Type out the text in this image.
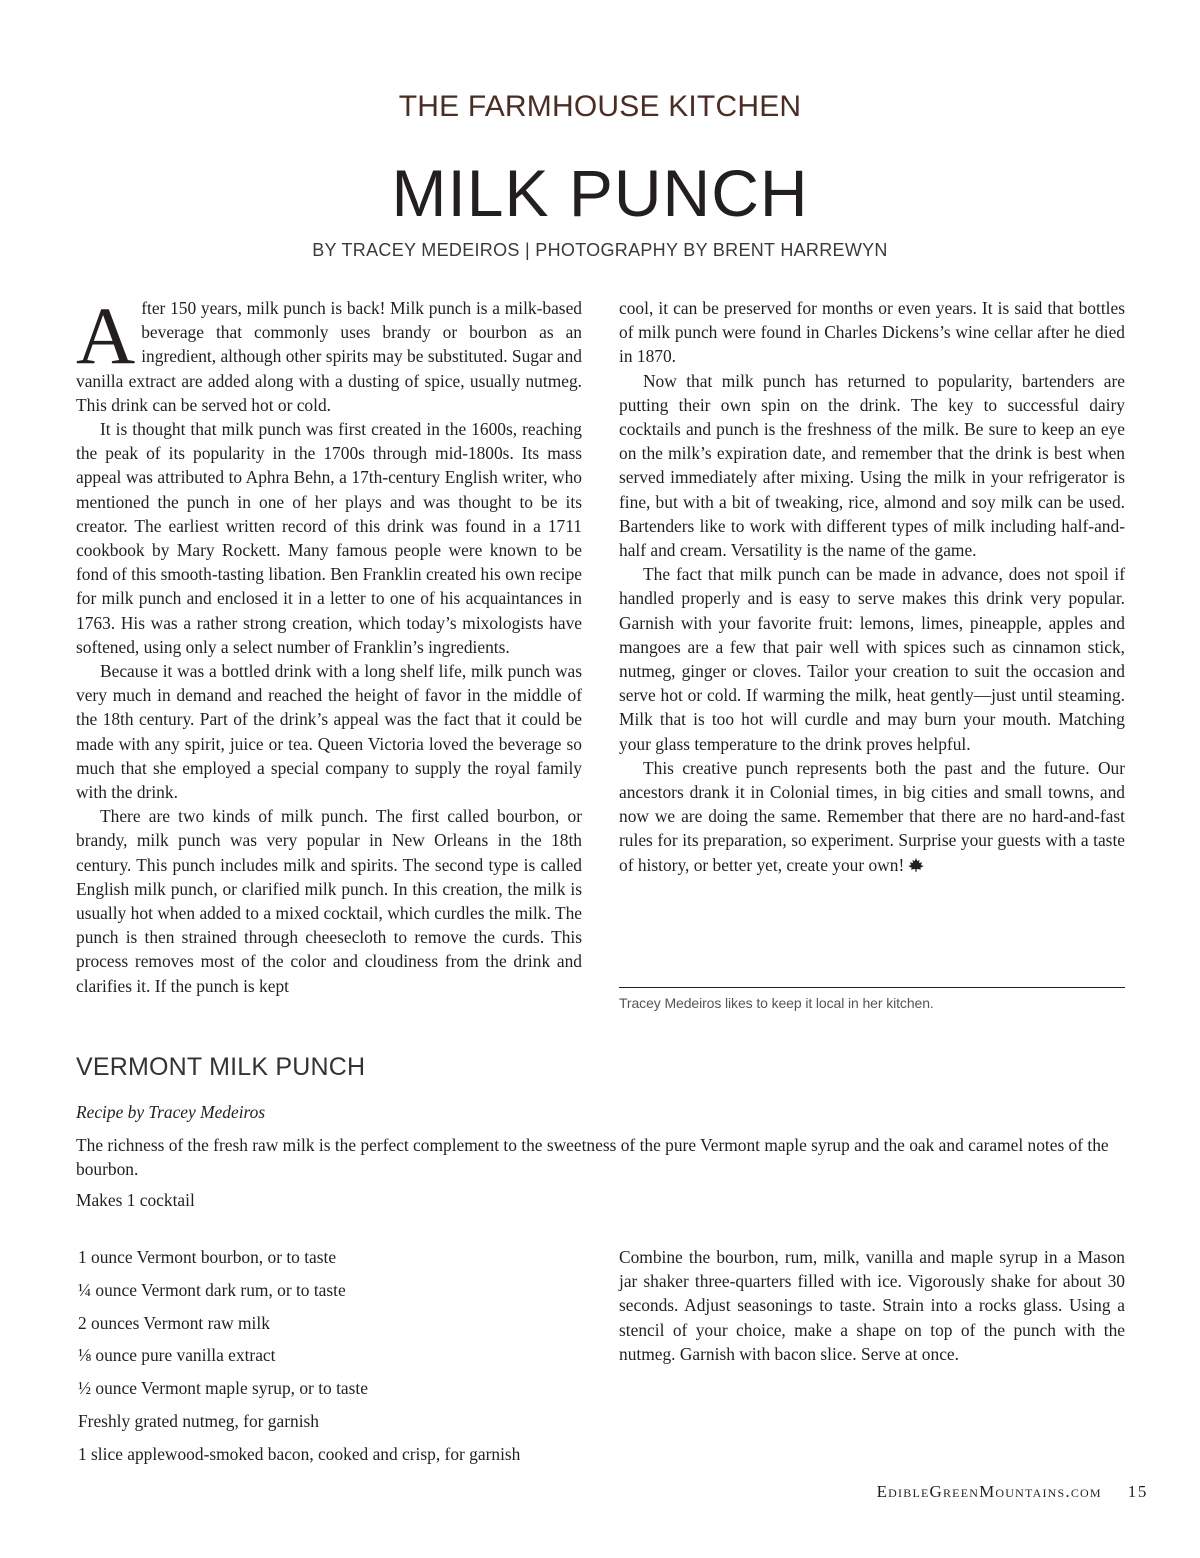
THE FARMHOUSE KITCHEN
MILK PUNCH
BY TRACEY MEDEIROS | PHOTOGRAPHY BY BRENT HARREWYN

After 150 years, milk punch is back! Milk punch is a milk-based beverage that commonly uses brandy or bourbon as an ingredient, although other spirits may be substituted. Sugar and vanilla extract are added along with a dusting of spice, usually nutmeg. This drink can be served hot or cold.

It is thought that milk punch was first created in the 1600s, reaching the peak of its popularity in the 1700s through mid-1800s. Its mass appeal was attributed to Aphra Behn, a 17th-century English writer, who mentioned the punch in one of her plays and was thought to be its creator. The earliest written record of this drink was found in a 1711 cookbook by Mary Rockett. Many famous people were known to be fond of this smooth-tasting libation. Ben Franklin created his own recipe for milk punch and enclosed it in a letter to one of his acquaintances in 1763. His was a rather strong creation, which today’s mixologists have softened, using only a select number of Franklin’s ingredients.

Because it was a bottled drink with a long shelf life, milk punch was very much in demand and reached the height of favor in the middle of the 18th century. Part of the drink’s appeal was the fact that it could be made with any spirit, juice or tea. Queen Victoria loved the beverage so much that she employed a special company to supply the royal family with the drink.

There are two kinds of milk punch. The first called bourbon, or brandy, milk punch was very popular in New Orleans in the 18th century. This punch includes milk and spirits. The second type is called English milk punch, or clarified milk punch. In this creation, the milk is usually hot when added to a mixed cocktail, which curdles the milk. The punch is then strained through cheesecloth to remove the curds. This process removes most of the color and cloudiness from the drink and clarifies it. If the punch is kept

cool, it can be preserved for months or even years. It is said that bottles of milk punch were found in Charles Dickens’s wine cellar after he died in 1870.

Now that milk punch has returned to popularity, bartenders are putting their own spin on the drink. The key to successful dairy cocktails and punch is the freshness of the milk. Be sure to keep an eye on the milk’s expiration date, and remember that the drink is best when served immediately after mixing. Using the milk in your refrigerator is fine, but with a bit of tweaking, rice, almond and soy milk can be used. Bartenders like to work with different types of milk including half-and-half and cream. Versatility is the name of the game.

The fact that milk punch can be made in advance, does not spoil if handled properly and is easy to serve makes this drink very popular. Garnish with your favorite fruit: lemons, limes, pineapple, apples and mangoes are a few that pair well with spices such as cinnamon stick, nutmeg, ginger or cloves. Tailor your creation to suit the occasion and serve hot or cold. If warming the milk, heat gently—just until steaming. Milk that is too hot will curdle and may burn your mouth. Matching your glass temperature to the drink proves helpful.

This creative punch represents both the past and the future. Our ancestors drank it in Colonial times, in big cities and small towns, and now we are doing the same. Remember that there are no hard-and-fast rules for its preparation, so experiment. Surprise your guests with a taste of history, or better yet, create your own!

Tracey Medeiros likes to keep it local in her kitchen.
VERMONT MILK PUNCH
Recipe by Tracey Medeiros
The richness of the fresh raw milk is the perfect complement to the sweetness of the pure Vermont maple syrup and the oak and caramel notes of the bourbon.
Makes 1 cocktail
1 ounce Vermont bourbon, or to taste
¼ ounce Vermont dark rum, or to taste
2 ounces Vermont raw milk
⅛ ounce pure vanilla extract
½ ounce Vermont maple syrup, or to taste
Freshly grated nutmeg, for garnish
1 slice applewood-smoked bacon, cooked and crisp, for garnish
Combine the bourbon, rum, milk, vanilla and maple syrup in a Mason jar shaker three-quarters filled with ice. Vigorously shake for about 30 seconds. Adjust seasonings to taste. Strain into a rocks glass. Using a stencil of your choice, make a shape on top of the punch with the nutmeg. Garnish with bacon slice. Serve at once.
EdibleGreenMountains.com 15
